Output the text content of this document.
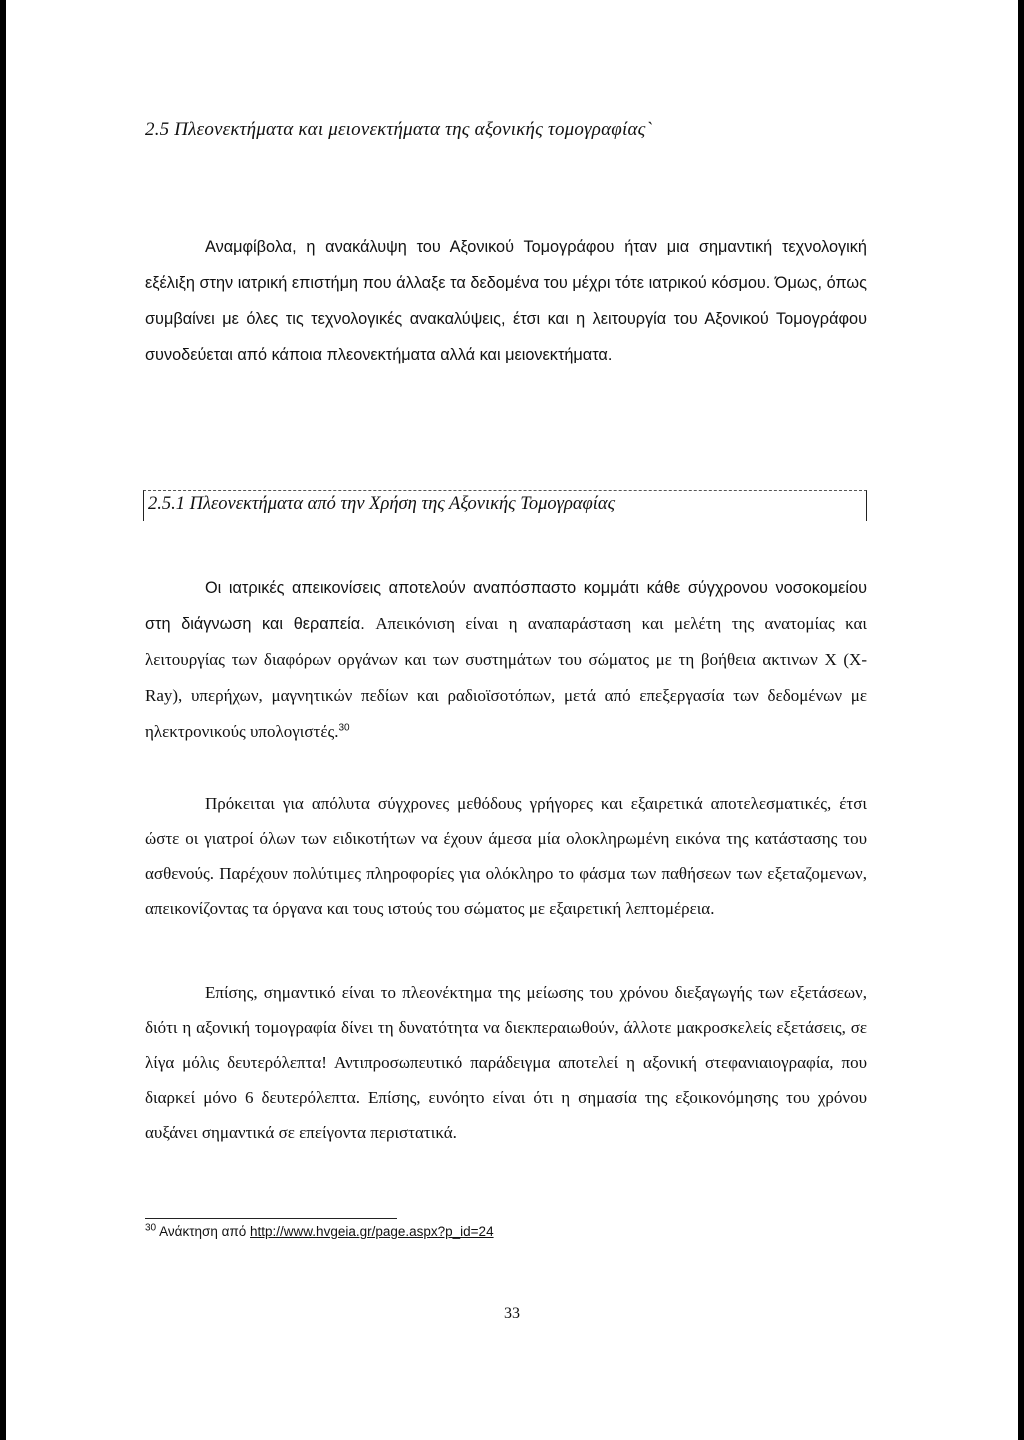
2.5 Πλεονεκτήματα και μειονεκτήματα της αξονικής τομογραφίας`

Αναμφίβολα, η ανακάλυψη του Αξονικού Τομογράφου ήταν μια σημαντική τεχνολογική εξέλιξη στην ιατρική επιστήμη που άλλαξε τα δεδομένα του μέχρι τότε ιατρικού κόσμου. Όμως, όπως συμβαίνει με όλες τις τεχνολογικές ανακαλύψεις, έτσι και η λειτουργία του Αξονικού Τομογράφου συνοδεύεται από κάποια πλεονεκτήματα αλλά και μειονεκτήματα.

2.5.1 Πλεονεκτήματα από την Χρήση της Αξονικής Τομογραφίας

Οι ιατρικές απεικονίσεις αποτελούν αναπόσπαστο κομμάτι κάθε σύγχρονου νοσοκομείου στη διάγνωση και θεραπεία. Απεικόνιση είναι η αναπαράσταση και μελέτη της ανατομίας και λειτουργίας των διαφόρων οργάνων και των συστημάτων του σώματος με τη βοήθεια ακτινων X (X-Ray), υπερήχων, μαγνητικών πεδίων και ραδιοϊσοτόπων, μετά από επεξεργασία των δεδομένων με ηλεκτρονικούς υπολογιστές.$^{30}$

Πρόκειται για απόλυτα σύγχρονες μεθόδους γρήγορες και εξαιρετικά αποτελεσματικές, έτσι ώστε οι γιατροί όλων των ειδικοτήτων να έχουν άμεσα μία ολοκληρωμένη εικόνα της κατάστασης του ασθενούς. Παρέχουν πολύτιμες πληροφορίες για ολόκληρο το φάσμα των παθήσεων των εξεταζομενων, απεικονίζοντας τα όργανα και τους ιστούς του σώματος με εξαιρετική λεπτομέρεια.

Επίσης, σημαντικό είναι το πλεονέκτημα της μείωσης του χρόνου διεξαγωγής των εξετάσεων, διότι η αξονική τομογραφία δίνει τη δυνατότητα να διεκπεραιωθούν, άλλοτε μακροσκελείς εξετάσεις, σε λίγα μόλις δευτερόλεπτα! Αντιπροσωπευτικό παράδειγμα αποτελεί η αξονική στεφανιαιογραφία, που διαρκεί μόνο 6 δευτερόλεπτα. Επίσης, ευνόητο είναι ότι η σημασία της εξοικονόμησης του χρόνου αυξάνει σημαντικά σε επείγοντα περιστατικά.

$^{30}$ Ανάκτηση από http://www.hvgeia.gr/page.aspx?p_id=24
33
